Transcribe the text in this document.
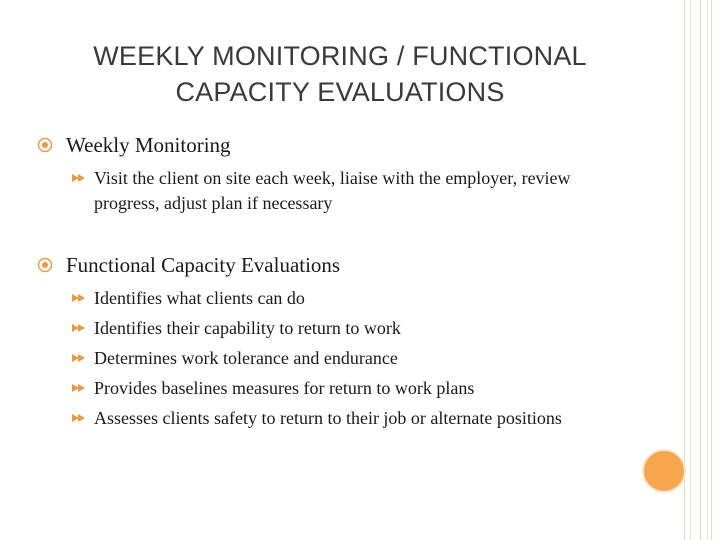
WEEKLY MONITORING / FUNCTIONAL
CAPACITY EVALUATIONS
Weekly Monitoring
Visit the client on site each week, liaise with the employer, review progress, adjust plan if necessary
Functional Capacity Evaluations
Identifies what clients can do
Identifies their capability to return to work
Determines work tolerance and endurance
Provides baselines measures for return to work plans
Assesses clients safety to return to their job or alternate positions
